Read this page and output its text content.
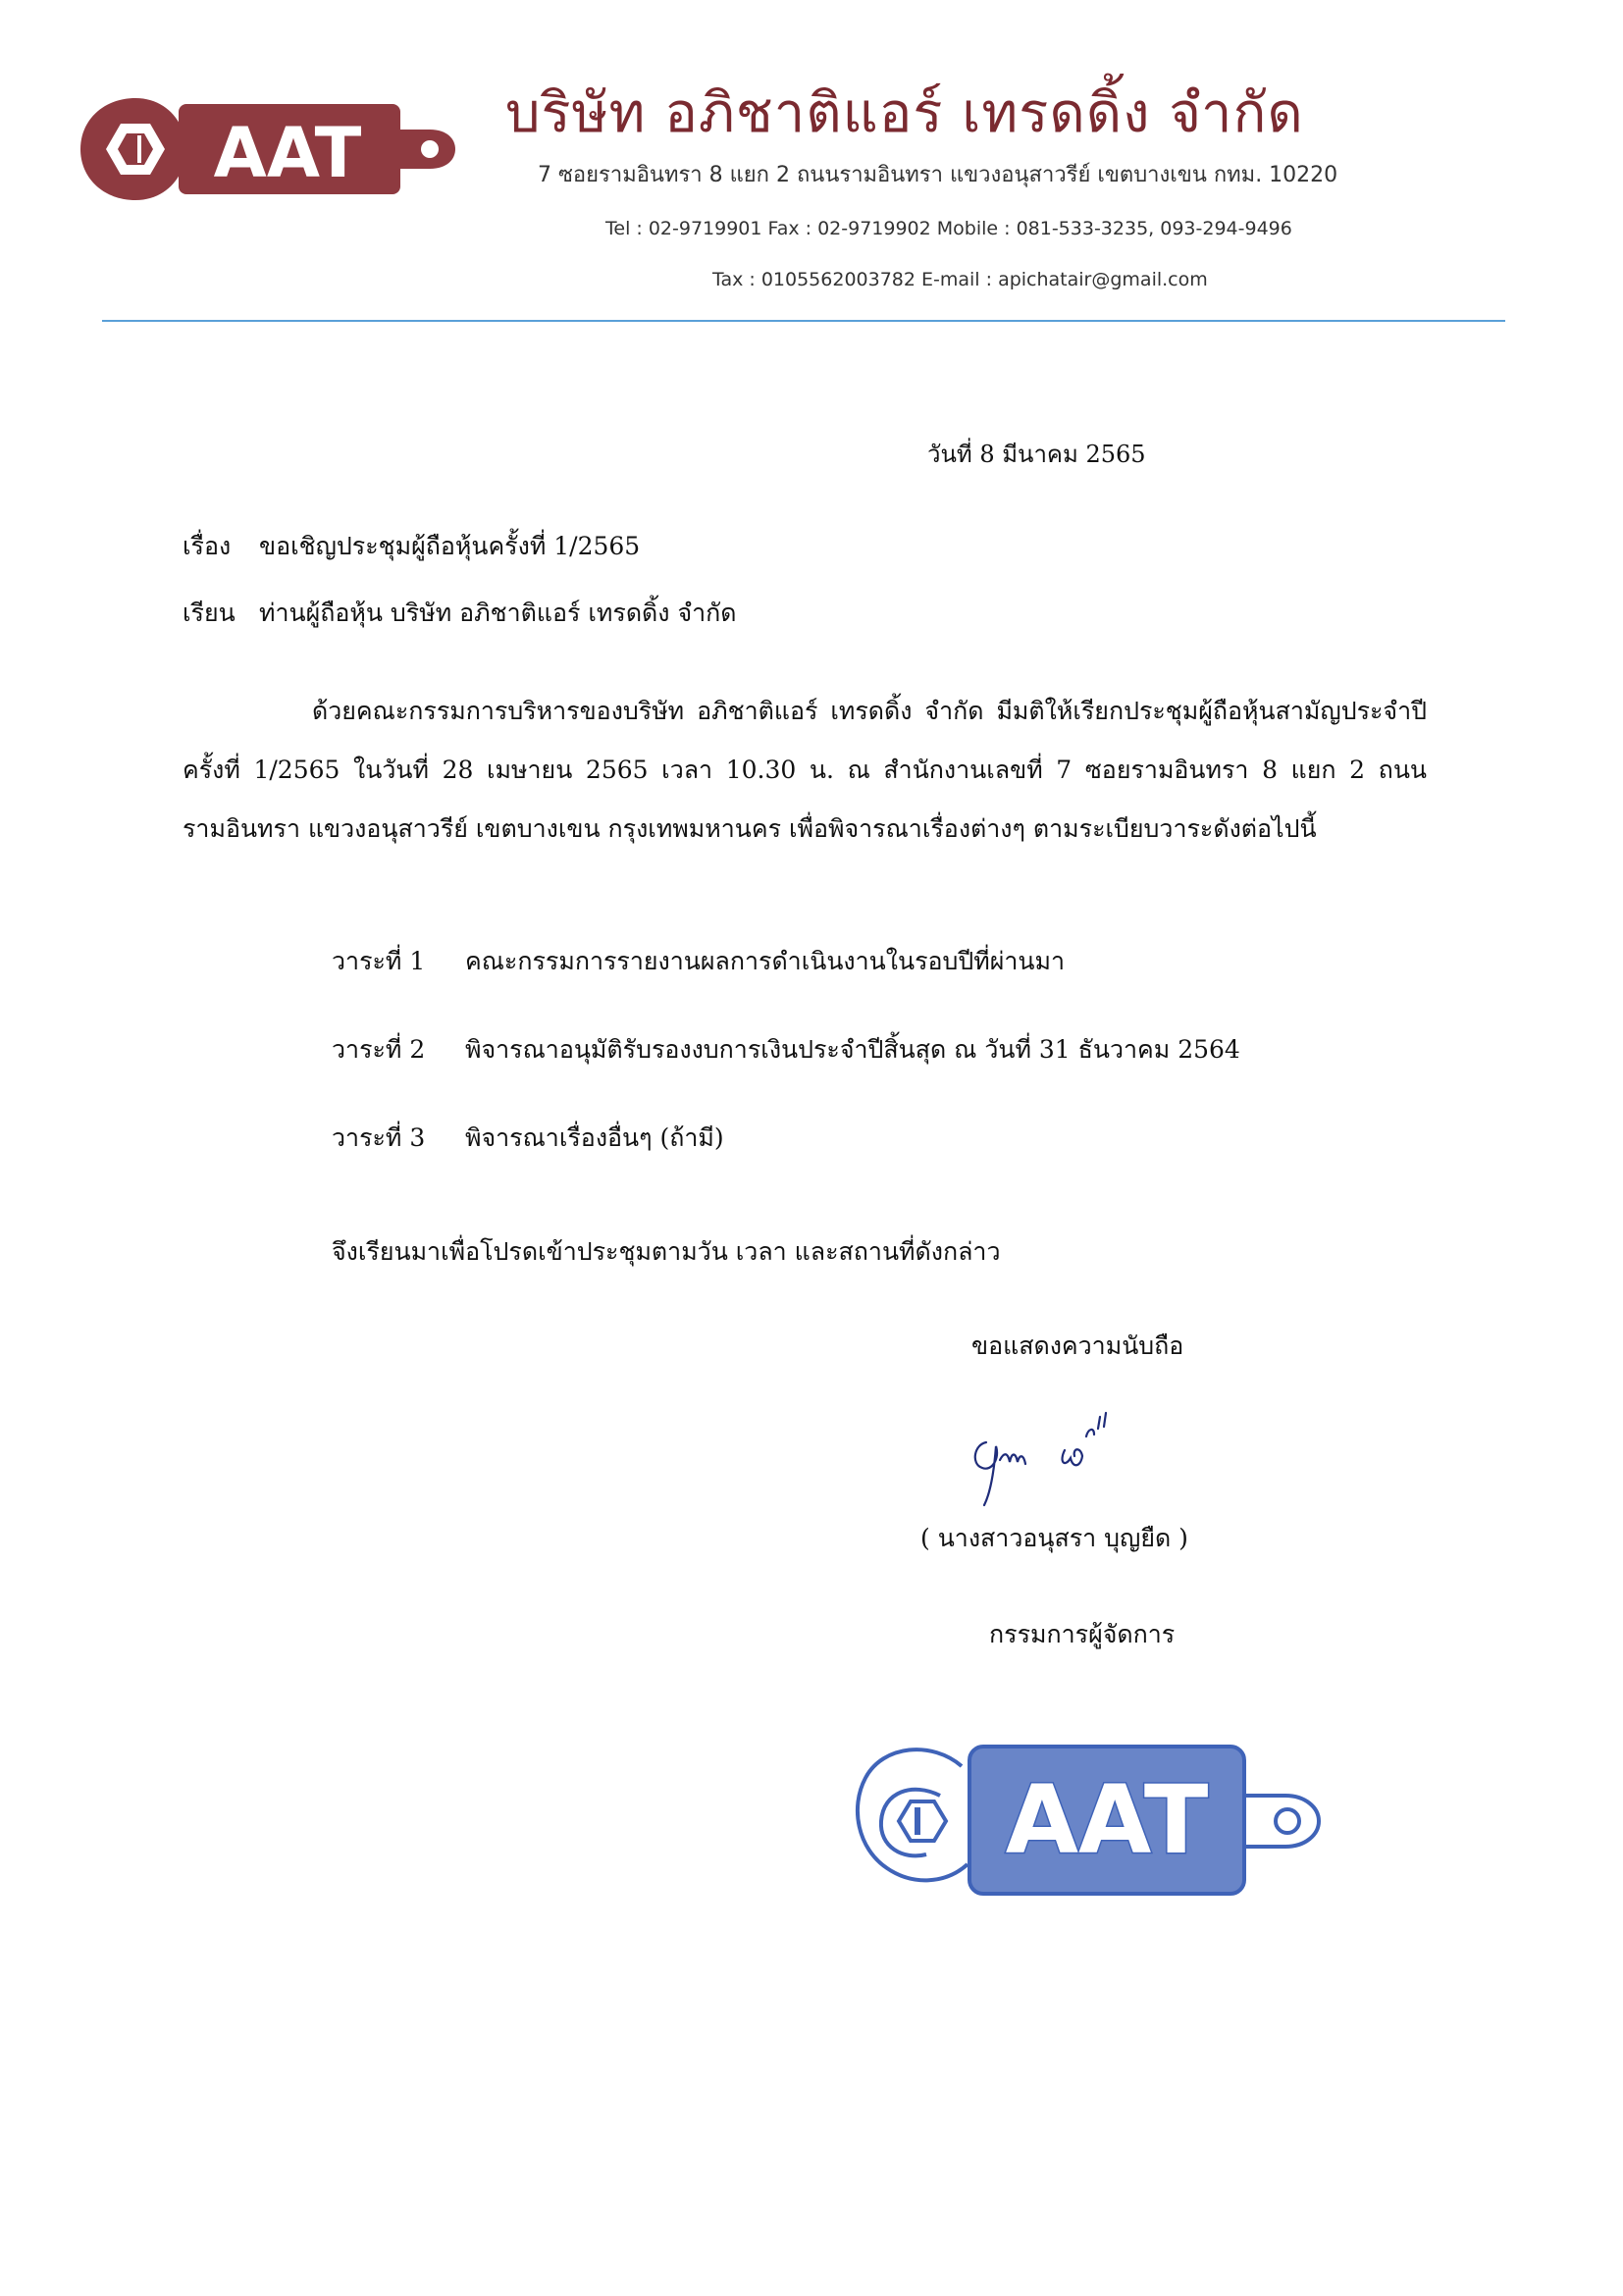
AAT	บริษัท อภิชาติแอร์ เทรดดิ้ง จำกัด
7 ซอยรามอินทรา 8 แยก 2 ถนนรามอินทรา แขวงอนุสาวรีย์ เขตบางเขน กทม. 10220
Tel : 02-9719901 Fax : 02-9719902 Mobile : 081-533-3235, 093-294-9496
Tax : 0105562003782 E-mail : apichatair@gmail.com
วันที่ 8 มีนาคม 2565
เรื่อง ขอเชิญประชุมผู้ถือหุ้นครั้งที่ 1/2565
เรียน ท่านผู้ถือหุ้น บริษัท อภิชาติแอร์ เทรดดิ้ง จำกัด
ด้วยคณะกรรมการบริหารของบริษัท อภิชาติแอร์ เทรดดิ้ง จำกัด มีมติให้เรียกประชุมผู้ถือหุ้นสามัญประจำปี ครั้งที่ 1/2565 ในวันที่ 28 เมษายน 2565 เวลา 10.30 น. ณ สำนักงานเลขที่ 7 ซอยรามอินทรา 8 แยก 2 ถนนรามอินทรา แขวงอนุสาวรีย์ เขตบางเขน กรุงเทพมหานคร เพื่อพิจารณาเรื่องต่างๆ ตามระเบียบวาระดังต่อไปนี้
วาระที่ 1 คณะกรรมการรายงานผลการดำเนินงานในรอบปีที่ผ่านมา
วาระที่ 2 พิจารณาอนุมัติรับรองงบการเงินประจำปีสิ้นสุด ณ วันที่ 31 ธันวาคม 2564
วาระที่ 3 พิจารณาเรื่องอื่นๆ (ถ้ามี)
จึงเรียนมาเพื่อโปรดเข้าประชุมตามวัน เวลา และสถานที่ดังกล่าว
ขอแสดงความนับถือ
( นางสาวอนุสรา บุญยืด )
กรรมการผู้จัดการ
AAT
